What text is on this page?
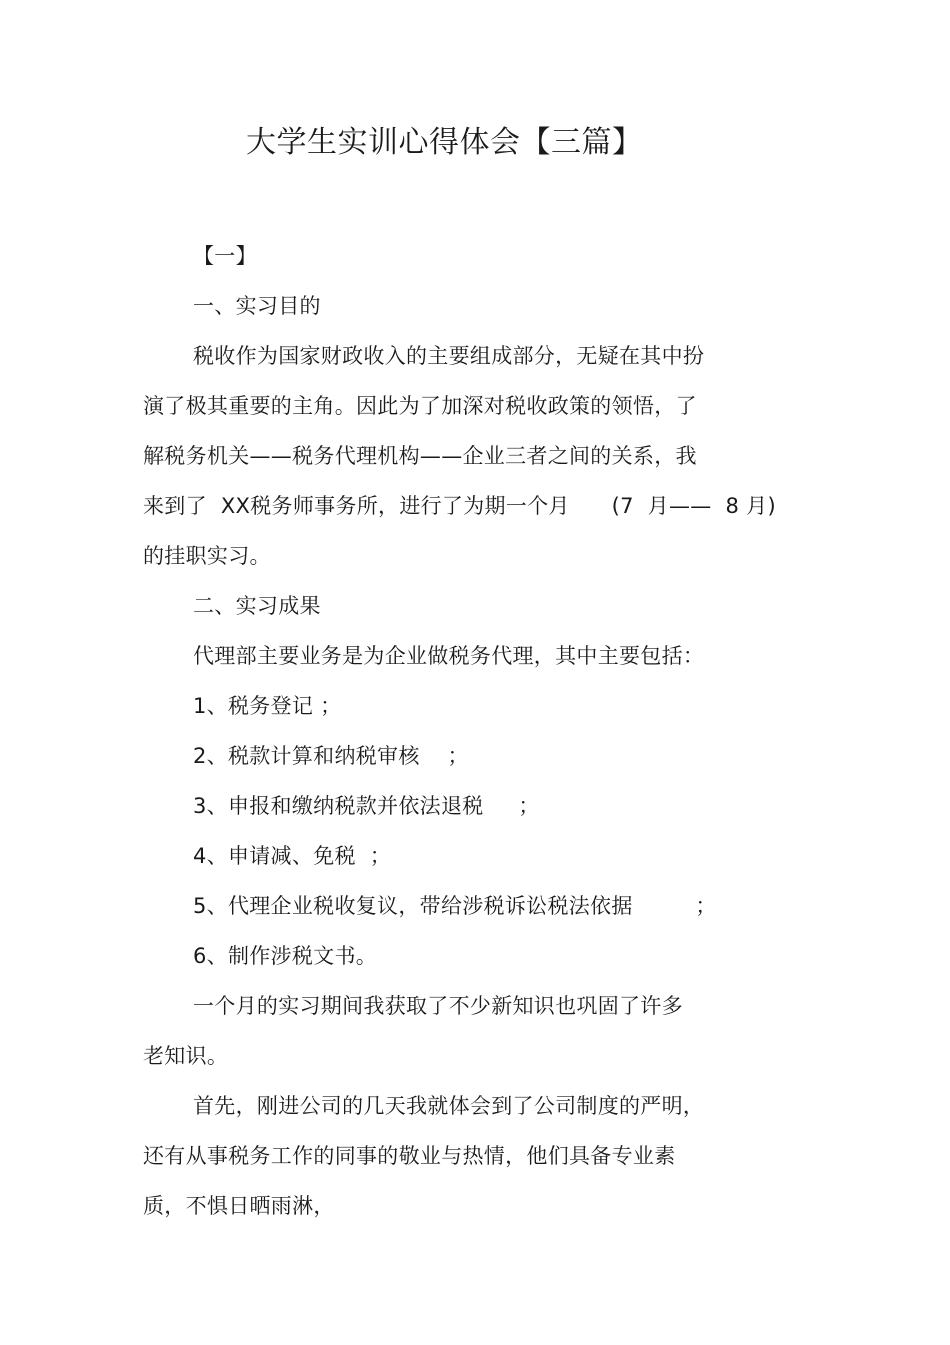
大学生实训心得体会【三篇】
【一】
一、实习目的
税收作为国家财政收入的主要组成部分，无疑在其中扮
演了极其重要的主角。因此为了加深对税收政策的领悟，了
解税务机关——税务代理机构——企业三者之间的关系，我
来到了  XX税务师事务所，进行了为期一个月      (7  月——  8 月)
的挂职实习。
二、实习成果
代理部主要业务是为企业做税务代理，其中主要包括：
1、税务登记 ；
2、税款计算和纳税审核    ；
3、申报和缴纳税款并依法退税     ；
4、申请减、免税  ；
5、代理企业税收复议，带给涉税诉讼税法依据         ；
6、制作涉税文书。
一个月的实习期间我获取了不少新知识也巩固了许多
老知识。
首先，刚进公司的几天我就体会到了公司制度的严明，
还有从事税务工作的同事的敬业与热情，他们具备专业素
质，不惧日晒雨淋，
